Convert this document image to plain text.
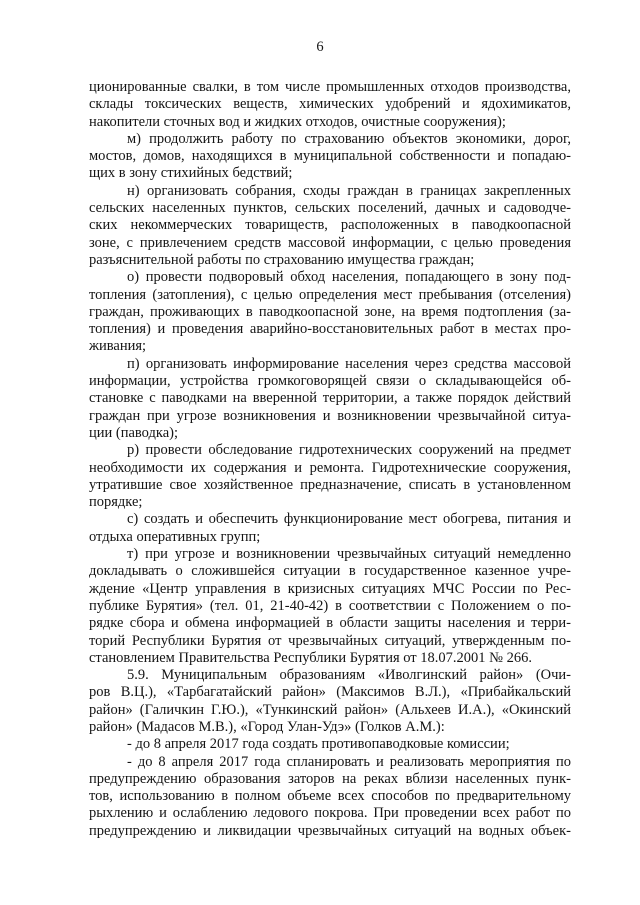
6
ционированные свалки, в том числе промышленных отходов производства,
склады токсических веществ, химических удобрений и ядохимикатов,
накопители сточных вод и жидких отходов, очистные сооружения);
м) продолжить работу по страхованию объектов экономики, дорог,
мостов, домов, находящихся в муниципальной собственности и попадаю-
щих в зону стихийных бедствий;
н) организовать собрания, сходы граждан в границах закрепленных
сельских населенных пунктов, сельских поселений, дачных и садоводче-
ских некоммерческих товариществ, расположенных в паводкоопасной
зоне, с привлечением средств массовой информации, с целью проведения
разъяснительной работы по страхованию имущества граждан;
о) провести подворовый обход населения, попадающего в зону под-
топления (затопления), с целью определения мест пребывания (отселения)
граждан, проживающих в паводкоопасной зоне, на время подтопления (за-
топления) и проведения аварийно-восстановительных работ в местах про-
живания;
п) организовать информирование населения через средства массовой
информации, устройства громкоговорящей связи о складывающейся об-
становке с паводками на вверенной территории, а также порядок действий
граждан при угрозе возникновения и возникновении чрезвычайной ситуа-
ции (паводка);
р) провести обследование гидротехнических сооружений на предмет
необходимости их содержания и ремонта. Гидротехнические сооружения,
утратившие свое хозяйственное предназначение, списать в установленном
порядке;
с) создать и обеспечить функционирование мест обогрева, питания и
отдыха оперативных групп;
т) при угрозе и возникновении чрезвычайных ситуаций немедленно
докладывать о сложившейся ситуации в государственное казенное учре-
ждение «Центр управления в кризисных ситуациях МЧС России по Рес-
публике Бурятия» (тел. 01, 21-40-42) в соответствии с Положением о по-
рядке сбора и обмена информацией в области защиты населения и терри-
торий Республики Бурятия от чрезвычайных ситуаций, утвержденным по-
становлением Правительства Республики Бурятия от 18.07.2001 № 266.
5.9. Муниципальным образованиям «Иволгинский район» (Очи-
ров В.Ц.), «Тарбагатайский район» (Максимов В.Л.), «Прибайкальский
район» (Галичкин Г.Ю.), «Тункинский район» (Альхеев И.А.), «Окинский
район» (Мадасов М.В.), «Город Улан-Удэ» (Голков А.М.):
- до 8 апреля 2017 года создать противопаводковые комиссии;
- до 8 апреля 2017 года спланировать и реализовать мероприятия по
предупреждению образования заторов на реках вблизи населенных пунк-
тов, использованию в полном объеме всех способов по предварительному
рыхлению и ослаблению ледового покрова. При проведении всех работ по
предупреждению и ликвидации чрезвычайных ситуаций на водных объек-
